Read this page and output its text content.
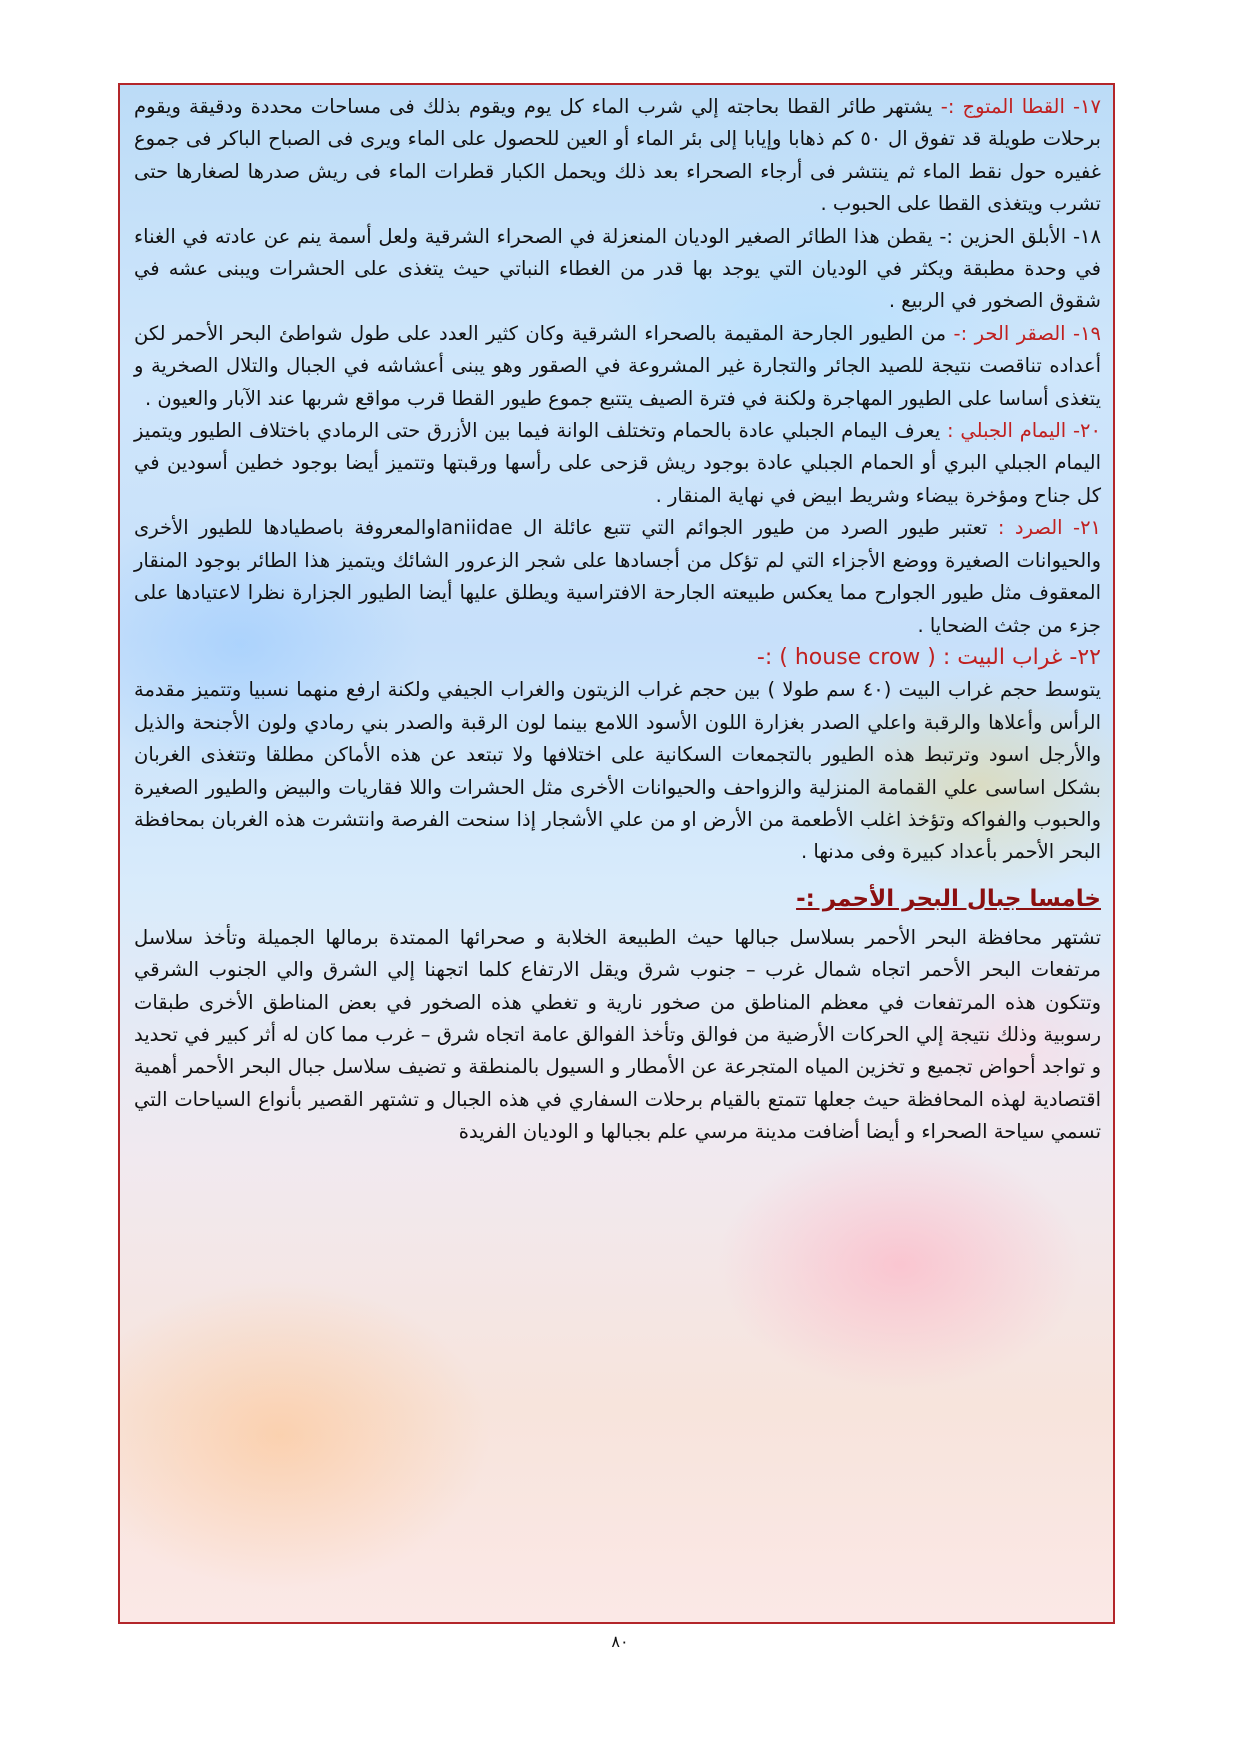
١٧- القطا المتوج :- يشتهر طائر القطا بحاجته إلي شرب الماء كل يوم ويقوم بذلك فى مساحات محددة ودقيقة ويقوم برحلات طويلة قد تفوق ال ٥٠ كم ذهابا وإيابا إلى بئر الماء أو العين للحصول على الماء ويرى فى الصباح الباكر فى جموع غفيره حول نقط الماء ثم ينتشر فى أرجاء الصحراء بعد ذلك ويحمل الكبار قطرات الماء فى ريش صدرها لصغارها حتى تشرب ويتغذى القطا على الحبوب .

١٨- الأبلق الحزين :- يقطن هذا الطائر الصغير الوديان المنعزلة في الصحراء الشرقية ولعل أسمة ينم عن عادته في الغناء في وحدة مطبقة ويكثر في الوديان التي يوجد بها قدر من الغطاء النباتي حيث يتغذى على الحشرات ويبنى عشه في شقوق الصخور في الربيع .

١٩- الصقر الحر :- من الطيور الجارحة المقيمة بالصحراء الشرقية وكان كثير العدد على طول شواطئ البحر الأحمر لكن أعداده تناقصت نتيجة للصيد الجائر والتجارة غير المشروعة في الصقور وهو يبنى أعشاشه في الجبال والتلال الصخرية و يتغذى أساسا على الطيور المهاجرة ولكنة في فترة الصيف يتتبع جموع طيور القطا قرب مواقع شربها عند الآبار والعيون .

٢٠- اليمام الجبلي : يعرف اليمام الجبلي عادة بالحمام وتختلف الوانة فيما بين الأزرق حتى الرمادي باختلاف الطيور ويتميز اليمام الجبلي البري أو الحمام الجبلي عادة بوجود ريش قزحى على رأسها ورقبتها وتتميز أيضا بوجود خطين أسودين في كل جناح ومؤخرة بيضاء وشريط ابيض في نهاية المنقار .

٢١- الصرد : تعتبر طيور الصرد من طيور الجوائم التي تتبع عائلة ال laniidaeوالمعروفة باصطيادها للطيور الأخرى والحيوانات الصغيرة ووضع الأجزاء التي لم تؤكل من أجسادها على شجر الزعرور الشائك ويتميز هذا الطائر بوجود المنقار المعقوف مثل طيور الجوارح مما يعكس طبيعته الجارحة الافتراسية ويطلق عليها أيضا الطيور الجزارة نظرا لاعتيادها على جزء من جثث الضحايا .

٢٢- غراب البيت : ( house crow ) :-

يتوسط حجم غراب البيت (٤٠ سم طولا ) بين حجم غراب الزيتون والغراب الجيفي ولكنة ارفع منهما نسبيا وتتميز مقدمة الرأس وأعلاها والرقبة واعلي الصدر بغزارة اللون الأسود اللامع بينما لون الرقبة والصدر بني رمادي ولون الأجنحة والذيل والأرجل اسود وترتبط هذه الطيور بالتجمعات السكانية على اختلافها ولا تبتعد عن هذه الأماكن مطلقا وتتغذى الغربان بشكل اساسى علي القمامة المنزلية والزواحف والحيوانات الأخرى مثل الحشرات واللا فقاريات والبيض والطيور الصغيرة والحبوب والفواكه وتؤخذ اغلب الأطعمة من الأرض او من علي الأشجار إذا سنحت الفرصة وانتشرت هذه الغربان بمحافظة البحر الأحمر بأعداد كبيرة وفى مدنها .

خامسا جبال البحر الأحمر :-

تشتهر محافظة البحر الأحمر بسلاسل جبالها حيث الطبيعة الخلابة و صحرائها الممتدة برمالها الجميلة وتأخذ سلاسل مرتفعات البحر الأحمر اتجاه شمال غرب – جنوب شرق ويقل الارتفاع كلما اتجهنا إلي الشرق والي الجنوب الشرقي وتتكون هذه المرتفعات في معظم المناطق من صخور نارية و تغطي هذه الصخور في بعض المناطق الأخرى طبقات رسوبية وذلك نتيجة إلي الحركات الأرضية من فوالق وتأخذ الفوالق عامة اتجاه شرق – غرب مما كان له أثر كبير في تحديد و تواجد أحواض تجميع و تخزين المياه المتجرعة عن الأمطار و السيول بالمنطقة و تضيف سلاسل جبال البحر الأحمر أهمية اقتصادية لهذه المحافظة حيث جعلها تتمتع بالقيام برحلات السفاري في هذه الجبال و تشتهر القصير بأنواع السياحات التي تسمي سياحة الصحراء و أيضا أضافت مدينة مرسي علم بجبالها و الوديان الفريدة

٨٠
